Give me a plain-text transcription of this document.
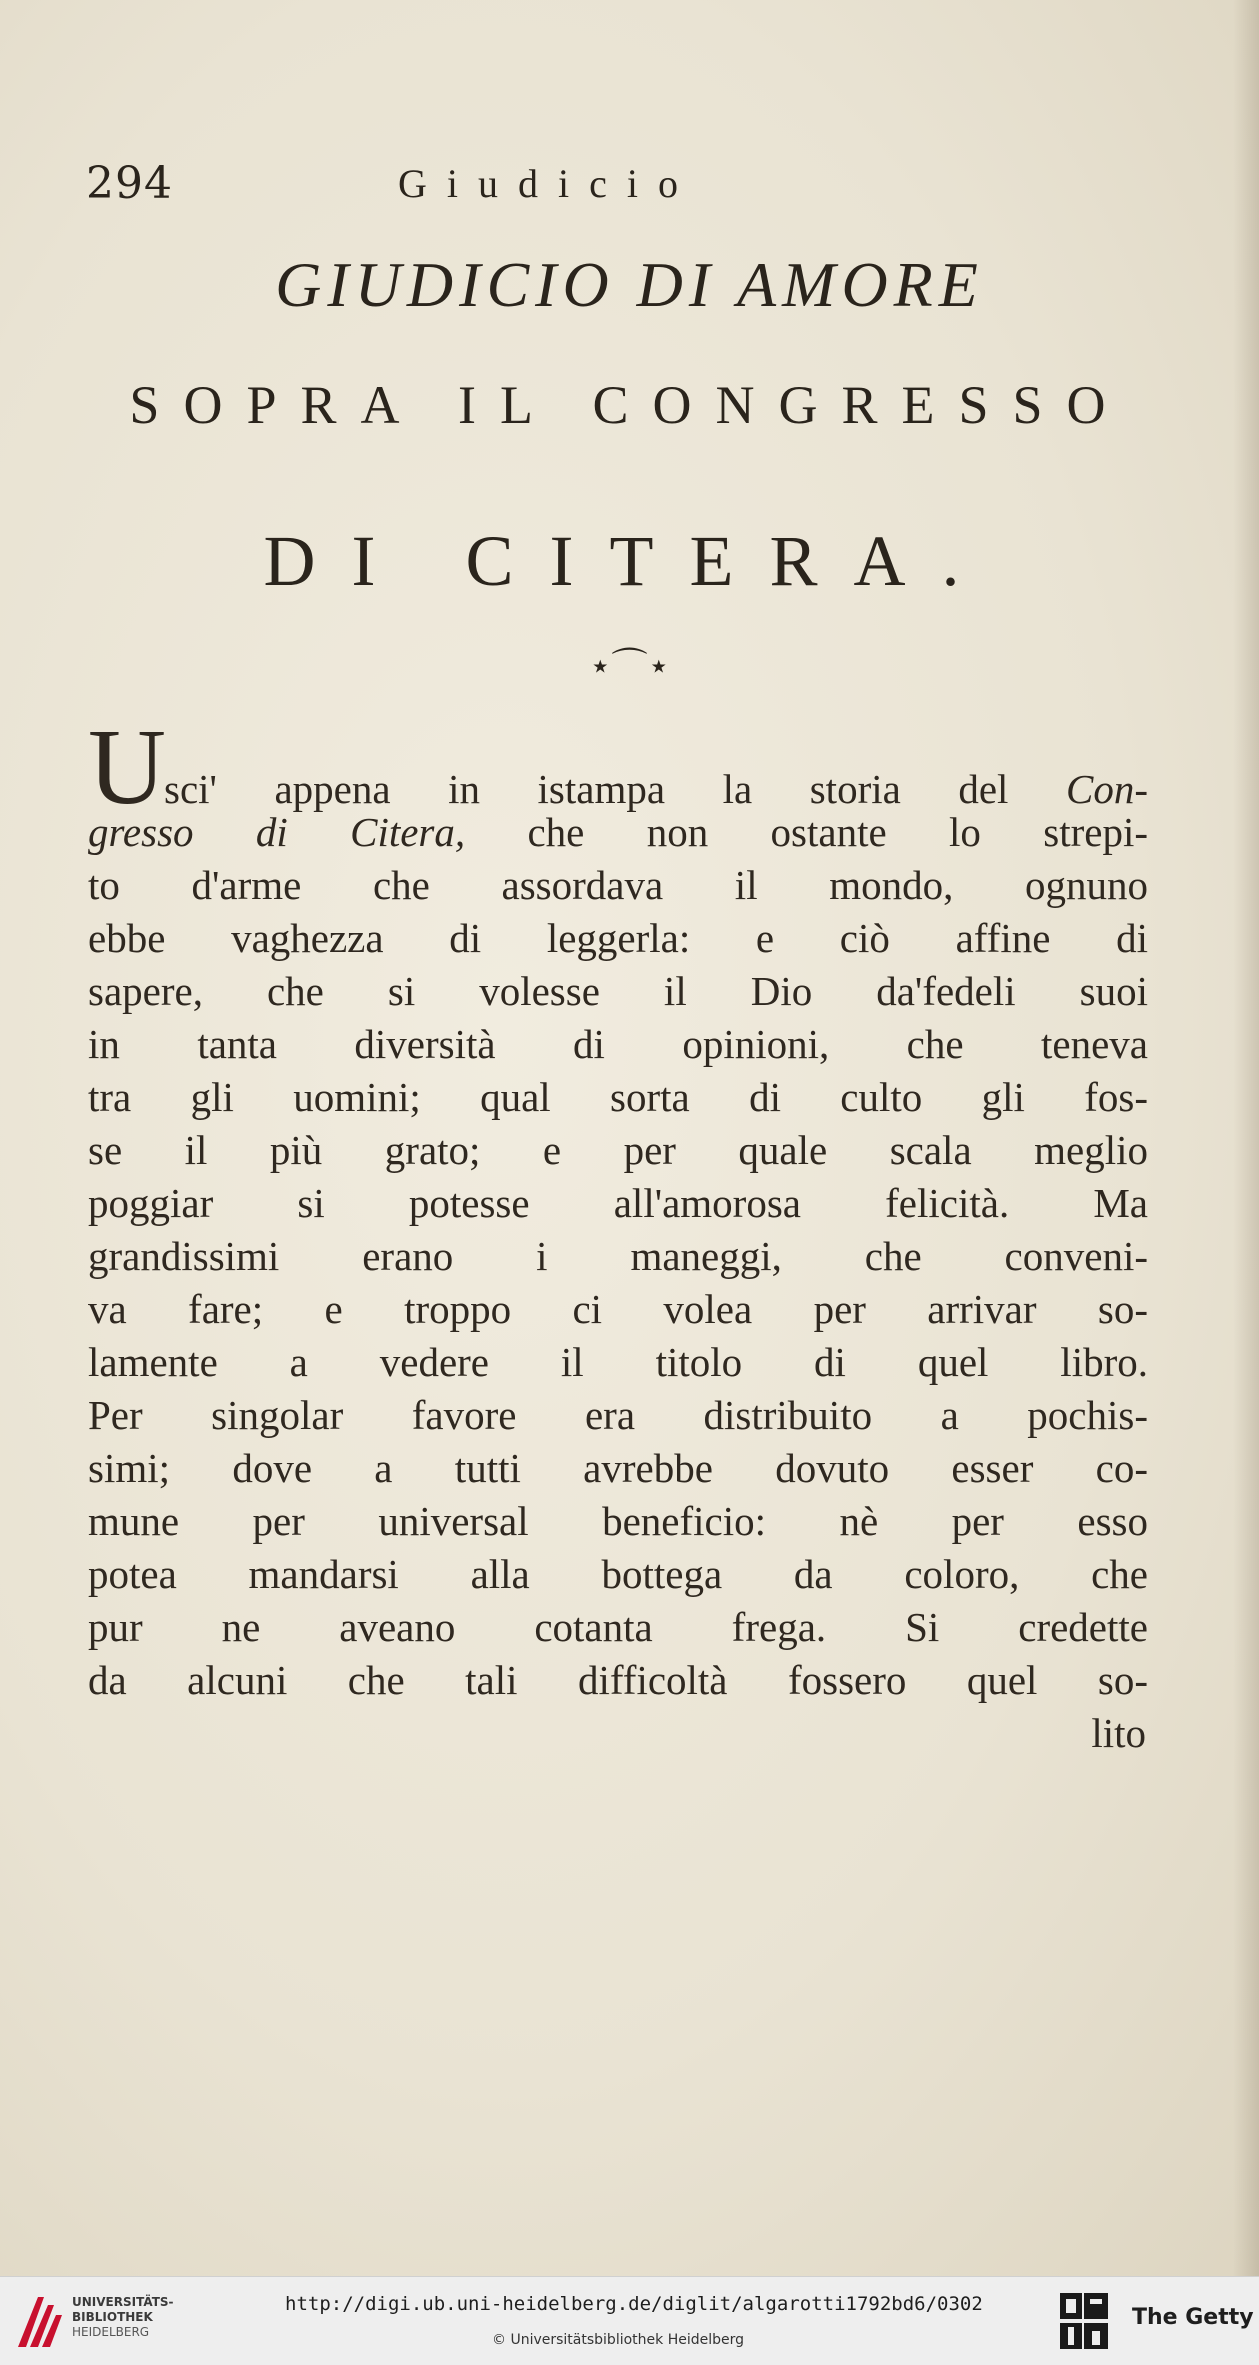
294	Giudicio
GIUDICIO DI AMORE
SOPRA IL CONGRESSO
DI CITERA.
⋆⌒⋆
Usci' appena in istampa la storia del Con-
gresso di Citera, che non ostante lo strepi-
to d'arme che assordava il mondo, ognuno
ebbe vaghezza di leggerla: e ciò affine di
sapere, che si volesse il Dio da'fedeli suoi
in tanta diversità di opinioni, che teneva
tra gli uomini; qual sorta di culto gli fos-
se il più grato; e per quale scala meglio
poggiar si potesse all'amorosa felicità. Ma
grandissimi erano i maneggi, che conveni-
va fare; e troppo ci volea per arrivar so-
lamente a vedere il titolo di quel libro.
Per singolar favore era distribuito a pochis-
simi; dove a tutti avrebbe dovuto esser co-
mune per universal beneficio: nè per esso
potea mandarsi alla bottega da coloro, che
pur ne aveano cotanta frega. Si credette
da alcuni che tali difficoltà fossero quel so-
lito
UNIVERSITÄTS-
BIBLIOTHEK
HEIDELBERG
http://digi.ub.uni-heidelberg.de/diglit/algarotti1792bd6/0302
© Universitätsbibliothek Heidelberg
The Getty
